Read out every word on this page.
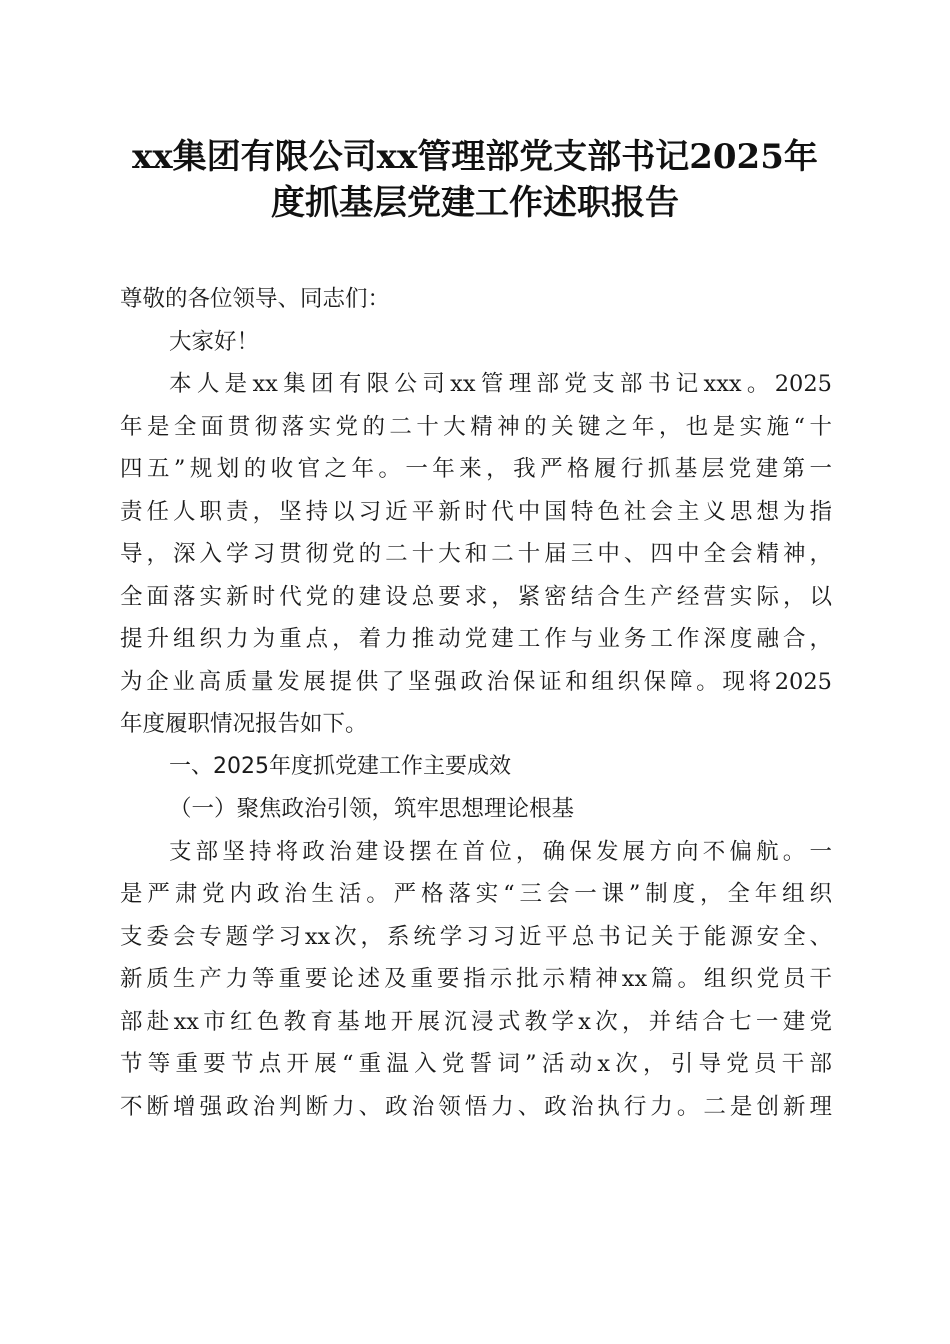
xx集团有限公司xx管理部党支部书记2025年
度抓基层党建工作述职报告
尊敬的各位领导、同志们：
大家好！
本人是xx集团有限公司xx管理部党支部书记xxx。2025
年是全面贯彻落实党的二十大精神的关键之年，也是实施“十
四五”规划的收官之年。一年来，我严格履行抓基层党建第一
责任人职责，坚持以习近平新时代中国特色社会主义思想为指
导，深入学习贯彻党的二十大和二十届三中、四中全会精神，
全面落实新时代党的建设总要求，紧密结合生产经营实际，以
提升组织力为重点，着力推动党建工作与业务工作深度融合，
为企业高质量发展提供了坚强政治保证和组织保障。现将2025
年度履职情况报告如下。
一、2025年度抓党建工作主要成效
（一）聚焦政治引领，筑牢思想理论根基
支部坚持将政治建设摆在首位，确保发展方向不偏航。一
是严肃党内政治生活。严格落实“三会一课”制度，全年组织
支委会专题学习xx次，系统学习习近平总书记关于能源安全、
新质生产力等重要论述及重要指示批示精神xx篇。组织党员干
部赴xx市红色教育基地开展沉浸式教学x次，并结合七一建党
节等重要节点开展“重温入党誓词”活动x次，引导党员干部
不断增强政治判断力、政治领悟力、政治执行力。二是创新理
